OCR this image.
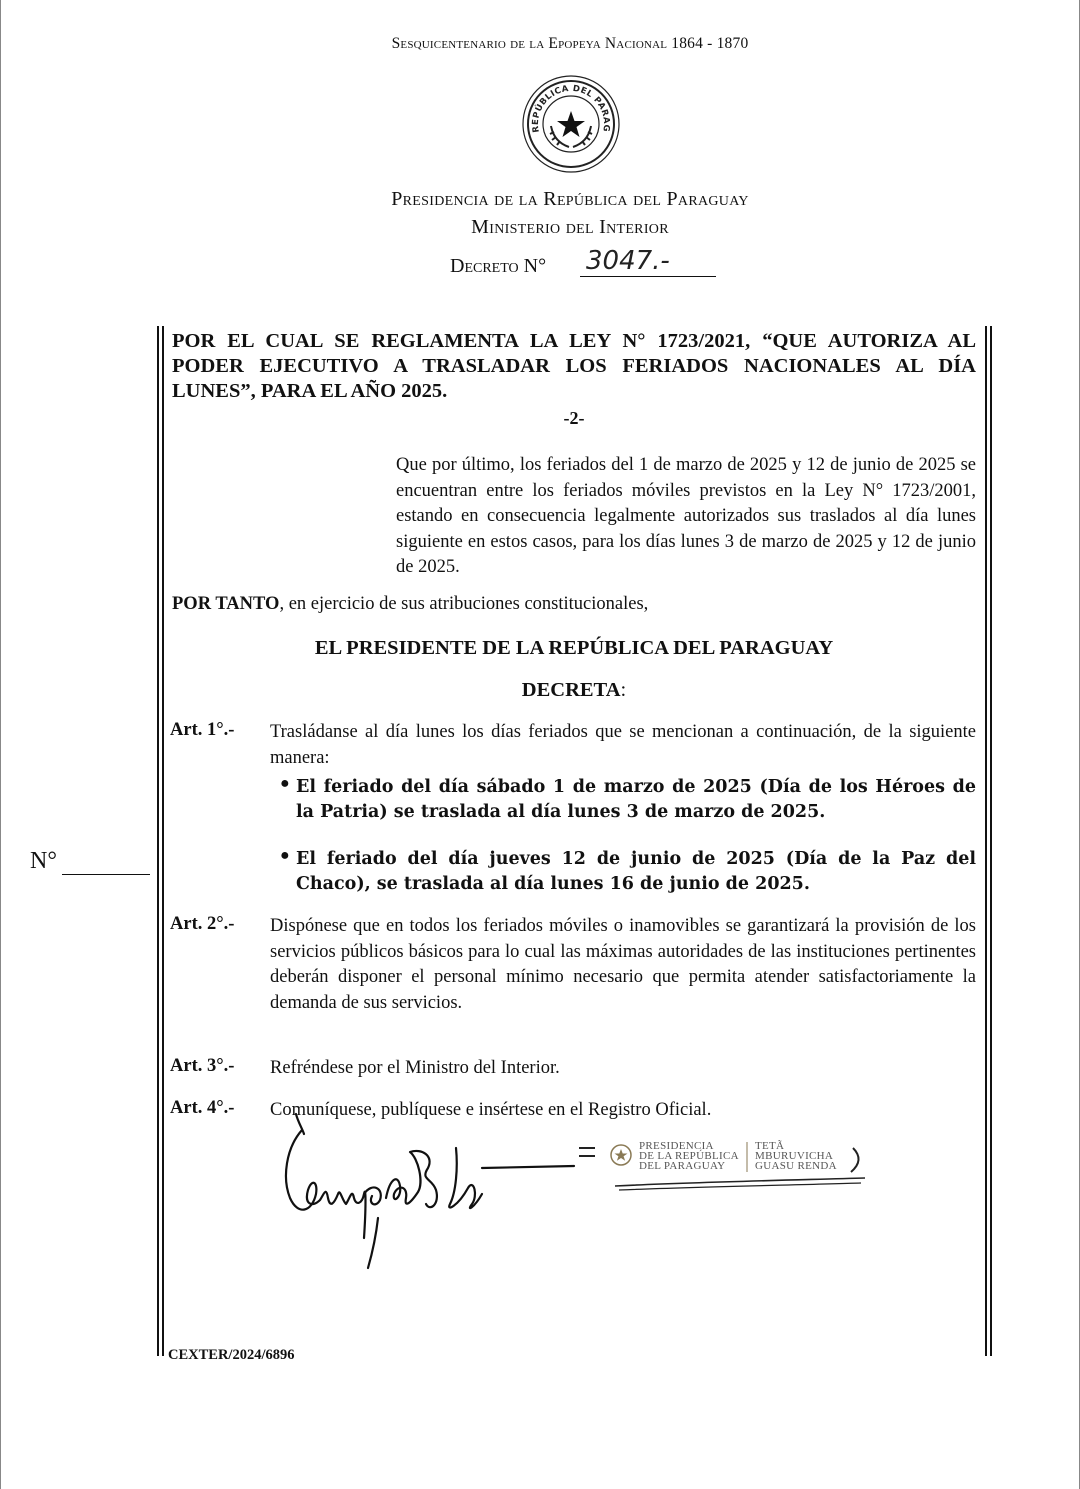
Sesquicentenario de la Epopeya Nacional 1864 - 1870
REPÚBLICA DEL PARAG
Presidencia de la República del Paraguay
Ministerio del Interior
Decreto N° 3047.-
POR EL CUAL SE REGLAMENTA LA LEY N° 1723/2021, “QUE AUTORIZA AL PODER EJECUTIVO A TRASLADAR LOS FERIADOS NACIONALES AL DÍA LUNES”, PARA EL AÑO 2025.
-2-
Que por último, los feriados del 1 de marzo de 2025 y 12 de junio de 2025 se encuentran entre los feriados móviles previstos en la Ley N° 1723/2001, estando en consecuencia legalmente autorizados sus traslados al día lunes siguiente en estos casos, para los días lunes 3 de marzo de 2025 y 12 de junio de 2025.
POR TANTO, en ejercicio de sus atribuciones constitucionales,
EL PRESIDENTE DE LA REPÚBLICA DEL PARAGUAY
DECRETA:
N°
Art. 1°.- Trasládanse al día lunes los días feriados que se mencionan a continuación, de la siguiente manera:
● El feriado del día sábado 1 de marzo de 2025 (Día de los Héroes de la Patria) se traslada al día lunes 3 de marzo de 2025.
● El feriado del día jueves 12 de junio de 2025 (Día de la Paz del Chaco), se traslada al día lunes 16 de junio de 2025.
Art. 2°.- Dispónese que en todos los feriados móviles o inamovibles se garantizará la provisión de los servicios públicos básicos para lo cual las máximas autoridades de las instituciones pertinentes deberán disponer el personal mínimo necesario que permita atender satisfactoriamente la demanda de sus servicios.
Art. 3°.- Refréndese por el Ministro del Interior.
Art. 4°.- Comuníquese, publíquese e insértese en el Registro Oficial.
PRESIDENCIA
DE LA REPÚBLICA
DEL PARAGUAY
TETÃ
MBURUVICHA
GUASU RENDA
CEXTER/2024/6896
